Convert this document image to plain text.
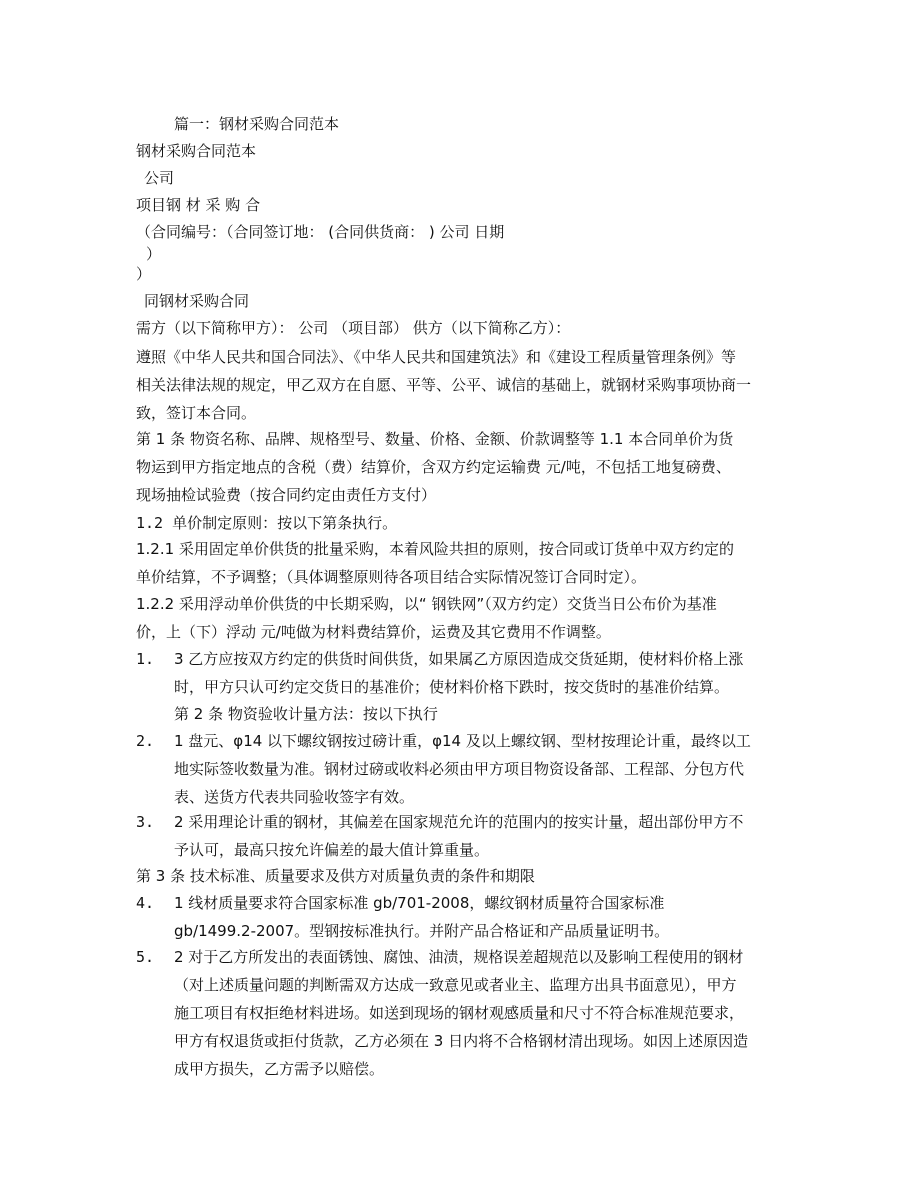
篇一：钢材采购合同范本
钢材采购合同范本
公司
项目钢 材 采 购 合
（合同编号：（合同签订地： (合同供货商： ) 公司 日期
）
）
同钢材采购合同
需方（以下简称甲方）： 公司 （项目部） 供方（以下简称乙方）：
遵照《中华人民共和国合同法》、《中华人民共和国建筑法》和《建设工程质量管理条例》等
相关法律法规的规定，甲乙双方在自愿、平等、公平、诚信的基础上，就钢材采购事项协商一
致，签订本合同。
第 1 条 物资名称、品牌、规格型号、数量、价格、金额、价款调整等 1.1 本合同单价为货
物运到甲方指定地点的含税（费）结算价，含双方约定运输费 元/吨，不包括工地复磅费、
现场抽检试验费（按合同约定由责任方支付）
1.2 单价制定原则：按以下第条执行。
1.2.1 采用固定单价供货的批量采购，本着风险共担的原则，按合同或订货单中双方约定的
单价结算，不予调整；（具体调整原则待各项目结合实际情况签订合同时定）。
1.2.2 采用浮动单价供货的中长期采购，以“ 钢铁网”（双方约定）交货当日公布价为基准
价，上（下）浮动 元/吨做为材料费结算价，运费及其它费用不作调整。
1.	3 乙方应按双方约定的供货时间供货，如果属乙方原因造成交货延期，使材料价格上涨
时，甲方只认可约定交货日的基准价；使材料价格下跌时，按交货时的基准价结算。
第 2 条 物资验收计量方法：按以下执行
2.	1 盘元、φ14 以下螺纹钢按过磅计重，φ14 及以上螺纹钢、型材按理论计重，最终以工
地实际签收数量为准。钢材过磅或收料必须由甲方项目物资设备部、工程部、分包方代
表、送货方代表共同验收签字有效。
3.	2 采用理论计重的钢材，其偏差在国家规范允许的范围内的按实计量，超出部份甲方不
予认可，最高只按允许偏差的最大值计算重量。
第 3 条 技术标准、质量要求及供方对质量负责的条件和期限
4.	1 线材质量要求符合国家标准 gb/701-2008，螺纹钢材质量符合国家标准
gb/1499.2-2007。型钢按标准执行。并附产品合格证和产品质量证明书。
5.	2 对于乙方所发出的表面锈蚀、腐蚀、油渍，规格误差超规范以及影响工程使用的钢材
（对上述质量问题的判断需双方达成一致意见或者业主、监理方出具书面意见），甲方
施工项目有权拒绝材料进场。如送到现场的钢材观感质量和尺寸不符合标准规范要求，
甲方有权退货或拒付货款，乙方必须在 3 日内将不合格钢材清出现场。如因上述原因造
成甲方损失，乙方需予以赔偿。
